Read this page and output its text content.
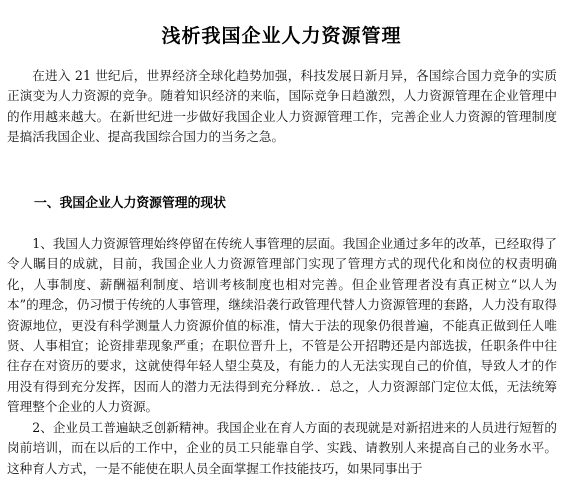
浅析我国企业人力资源管理

在进入 21 世纪后，世界经济全球化趋势加强，科技发展日新月异，各国综合国力竞争的实质正演变为人力资源的竞争。随着知识经济的来临，国际竞争日趋激烈，人力资源管理在企业管理中的作用越来越大。在新世纪进一步做好我国企业人力资源管理工作，完善企业人力资源的管理制度是搞活我国企业、提高我国综合国力的当务之急。

一、我国企业人力资源管理的现状

1、我国人力资源管理始终停留在传统人事管理的层面。我国企业通过多年的改革，已经取得了令人瞩目的成就，目前，我国企业人力资源管理部门实现了管理方式的现代化和岗位的权责明确化，人事制度、薪酬福利制度、培训考核制度也相对完善。但企业管理者没有真正树立“以人为本”的理念，仍习惯于传统的人事管理，继续沿袭行政管理代替人力资源管理的套路，人力没有取得资源地位，更没有科学测量人力资源价值的标准，情大于法的现象仍很普遍，不能真正做到任人唯贤、人事相宜；论资排辈现象严重；在职位晋升上，不管是公开招聘还是内部选拔，任职条件中往往存在对资历的要求，这就使得年轻人望尘莫及，有能力的人无法实现自己的价值，导致人才的作用没有得到充分发挥，因而人的潜力无法得到充分释放．．总之，人力资源部门定位太低，无法统筹管理整个企业的人力资源。

2、企业员工普遍缺乏创新精神。我国企业在育人方面的表现就是对新招进来的人员进行短暂的岗前培训，而在以后的工作中，企业的员工只能靠自学、实践、请教别人来提高自己的业务水平。这种育人方式，一是不能使在职人员全面掌握工作技能技巧，如果同事出于
